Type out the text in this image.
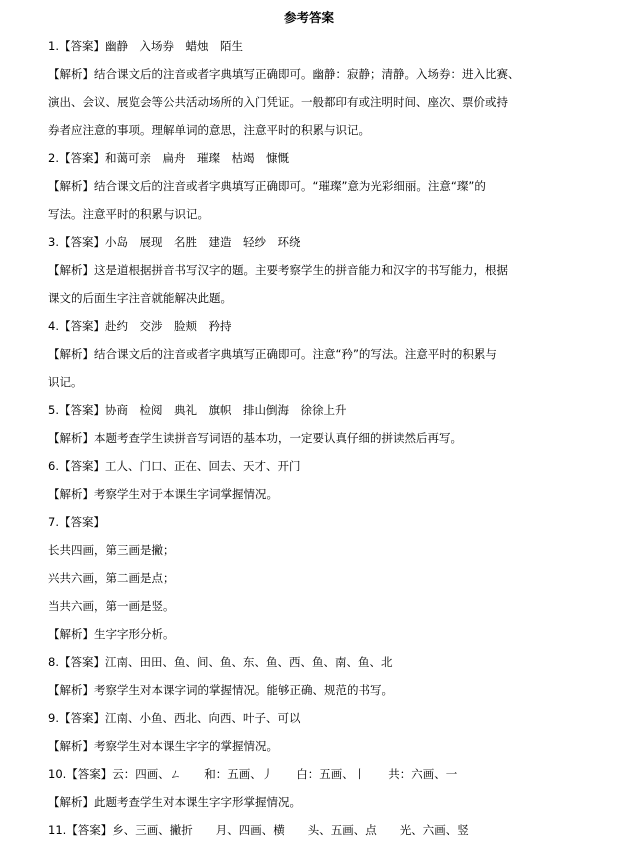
参考答案
1.【答案】幽静　入场券　蜡烛　陌生
【解析】结合课文后的注音或者字典填写正确即可。幽静：寂静；清静。入场券：进入比赛、
演出、会议、展览会等公共活动场所的入门凭证。一般都印有或注明时间、座次、票价或持
券者应注意的事项。理解单词的意思，注意平时的积累与识记。
2.【答案】和蔼可亲　扁舟　璀璨　枯竭　慷慨
【解析】结合课文后的注音或者字典填写正确即可。“璀璨”意为光彩细丽。注意“璨”的
写法。注意平时的积累与识记。
3.【答案】小岛　展现　名胜　建造　轻纱　环绕
【解析】这是道根据拼音书写汉字的题。主要考察学生的拼音能力和汉字的书写能力，根据
课文的后面生字注音就能解决此题。
4.【答案】赴约　交涉　脸颊　矜持
【解析】结合课文后的注音或者字典填写正确即可。注意“矜”的写法。注意平时的积累与
识记。
5.【答案】协商　检阅　典礼　旗帜　排山倒海　徐徐上升
【解析】本题考查学生读拼音写词语的基本功，一定要认真仔细的拼读然后再写。
6.【答案】工人、门口、正在、回去、天才、开门
【解析】考察学生对于本课生字词掌握情况。
7.【答案】
长共四画，第三画是撇；
兴共六画，第二画是点；
当共六画，第一画是竖。
【解析】生字字形分析。
8.【答案】江南、田田、鱼、间、鱼、东、鱼、西、鱼、南、鱼、北
【解析】考察学生对本课字词的掌握情况。能够正确、规范的书写。
9.【答案】江南、小鱼、西北、向西、叶子、可以
【解析】考察学生对本课生字字的掌握情况。
10.【答案】云：四画、ㄥ　　和：五画、丿　　白：五画、丨　　共：六画、一
【解析】此题考查学生对本课生字字形掌握情况。
11.【答案】乡、三画、撇折　　月、四画、横　　头、五画、点　　光、六画、竖
